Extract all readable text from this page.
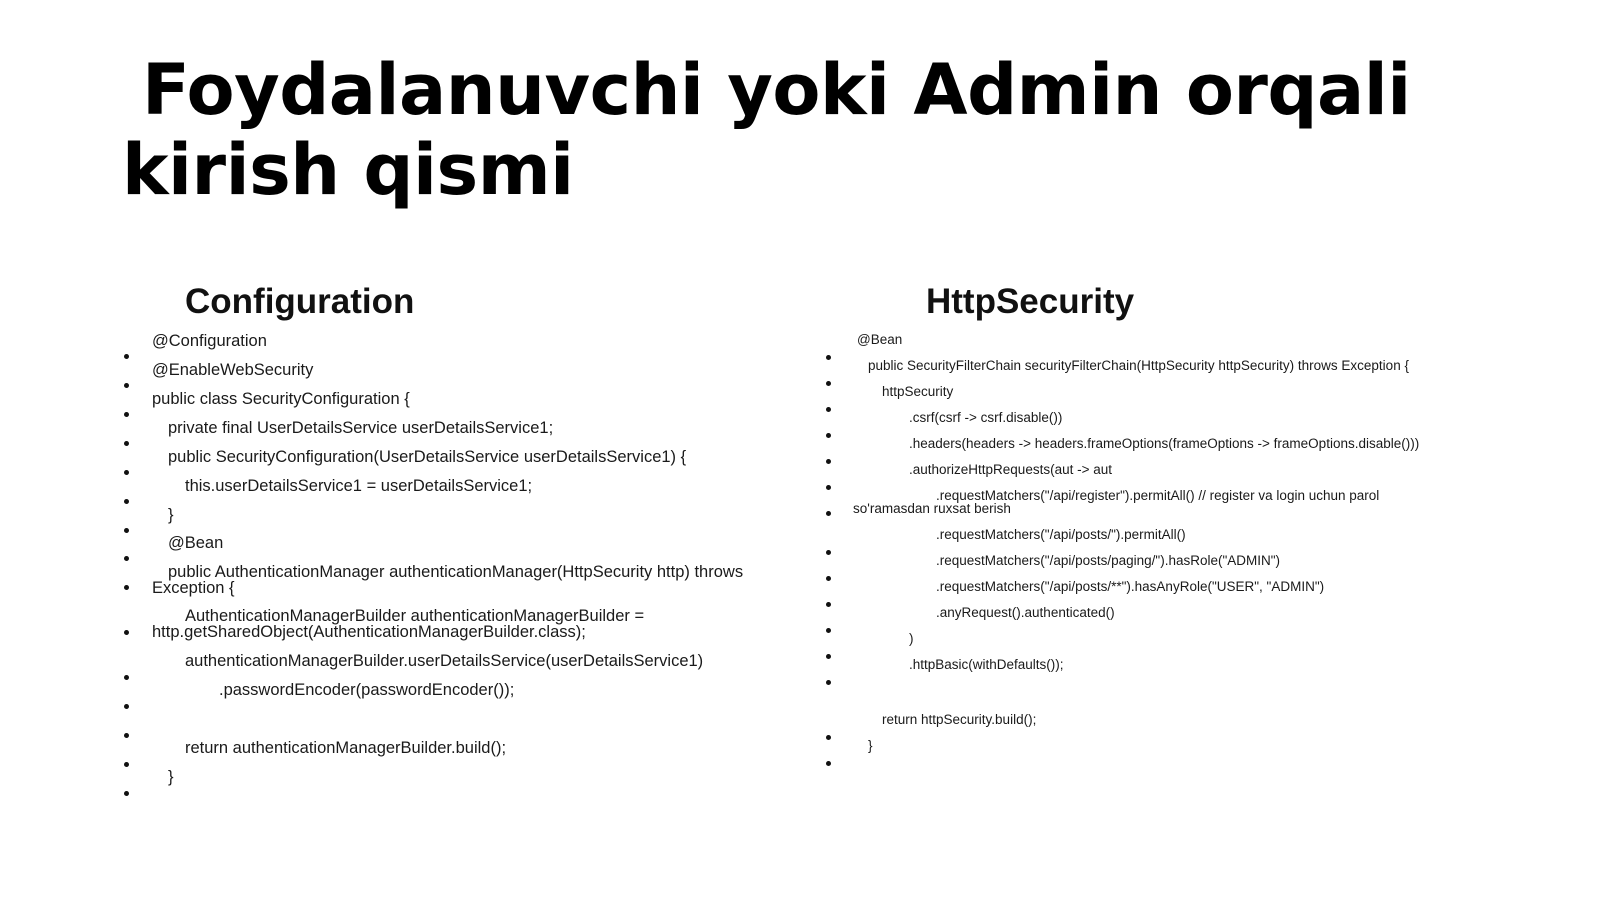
Foydalanuvchi yoki Admin orqali
kirish qismi
Configuration	HttpSecurity
@Configuration
@EnableWebSecurity
public class SecurityConfiguration {
private final UserDetailsService userDetailsService1;
public SecurityConfiguration(UserDetailsService userDetailsService1) {
this.userDetailsService1 = userDetailsService1;
}
@Bean
public AuthenticationManager authenticationManager(HttpSecurity http) throws
Exception {
AuthenticationManagerBuilder authenticationManagerBuilder =
http.getSharedObject(AuthenticationManagerBuilder.class);
authenticationManagerBuilder.userDetailsService(userDetailsService1)
.passwordEncoder(passwordEncoder());
return authenticationManagerBuilder.build();
}
@Bean
public SecurityFilterChain securityFilterChain(HttpSecurity httpSecurity) throws Exception {
httpSecurity
.csrf(csrf -> csrf.disable())
.headers(headers -> headers.frameOptions(frameOptions -> frameOptions.disable()))
.authorizeHttpRequests(aut -> aut
.requestMatchers("/api/register").permitAll() // register va login uchun parol
so'ramasdan ruxsat berish
.requestMatchers("/api/posts/").permitAll()
.requestMatchers("/api/posts/paging/").hasRole("ADMIN")
.requestMatchers("/api/posts/**").hasAnyRole("USER", "ADMIN")
.anyRequest().authenticated()
)
.httpBasic(withDefaults());
return httpSecurity.build();
}
